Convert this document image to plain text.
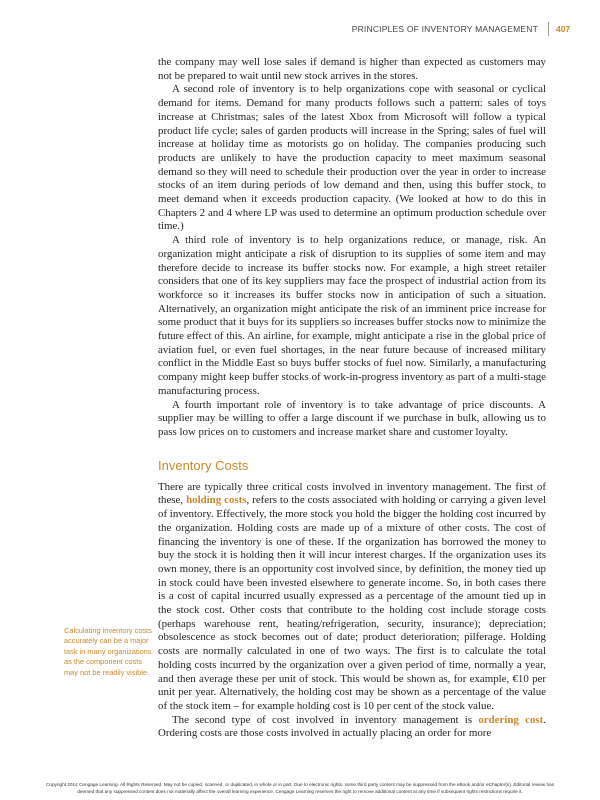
PRINCIPLES OF INVENTORY MANAGEMENT 407

the company may well lose sales if demand is higher than expected as customers may not be prepared to wait until new stock arrives in the stores.

A second role of inventory is to help organizations cope with seasonal or cyclical demand for items. Demand for many products follows such a pattern: sales of toys increase at Christmas; sales of the latest Xbox from Microsoft will follow a typical product life cycle; sales of garden products will increase in the Spring; sales of fuel will increase at holiday time as motorists go on holiday. The companies producing such products are unlikely to have the production capacity to meet maximum seasonal demand so they will need to schedule their production over the year in order to increase stocks of an item during periods of low demand and then, using this buffer stock, to meet demand when it exceeds production capacity. (We looked at how to do this in Chapters 2 and 4 where LP was used to determine an optimum production schedule over time.)

A third role of inventory is to help organizations reduce, or manage, risk. An organization might anticipate a risk of disruption to its supplies of some item and may therefore decide to increase its buffer stocks now. For example, a high street retailer considers that one of its key suppliers may face the prospect of industrial action from its workforce so it increases its buffer stocks now in anticipation of such a situation. Alternatively, an organization might anticipate the risk of an imminent price increase for some product that it buys for its suppliers so increases buffer stocks now to minimize the future effect of this. An airline, for example, might anticipate a rise in the global price of aviation fuel, or even fuel shortages, in the near future because of increased military conflict in the Middle East so buys buffer stocks of fuel now. Similarly, a manufacturing company might keep buffer stocks of work-in-progress inventory as part of a multi-stage manufacturing process.

A fourth important role of inventory is to take advantage of price discounts. A supplier may be willing to offer a large discount if we purchase in bulk, allowing us to pass low prices on to customers and increase market share and customer loyalty.

Inventory Costs

There are typically three critical costs involved in inventory management. The first of these, holding costs, refers to the costs associated with holding or carrying a given level of inventory. Effectively, the more stock you hold the bigger the holding cost incurred by the organization. Holding costs are made up of a mixture of other costs. The cost of financing the inventory is one of these. If the organization has borrowed the money to buy the stock it is holding then it will incur interest charges. If the organization uses its own money, there is an opportunity cost involved since, by definition, the money tied up in stock could have been invested elsewhere to generate income. So, in both cases there is a cost of capital incurred usually expressed as a percentage of the amount tied up in the stock cost. Other costs that contribute to the holding cost include storage costs (perhaps warehouse rent, heating/refrigeration, security, insurance); depreciation; obsolescence as stock becomes out of date; product deterioration; pilferage. Holding costs are normally calculated in one of two ways. The first is to calculate the total holding costs incurred by the organization over a given period of time, normally a year, and then average these per unit of stock. This would be shown as, for example, €10 per unit per year. Alternatively, the holding cost may be shown as a percentage of the value of the stock item – for example holding cost is 10 per cent of the stock value.

The second type of cost involved in inventory management is ordering cost. Ordering costs are those costs involved in actually placing an order for more

Calculating inventory costs accurately can be a major task in many organizations as the component costs may not be readily visible.
Copyright 2014 Cengage Learning. All Rights Reserved. May not be copied, scanned, or duplicated, in whole or in part. Due to electronic rights, some third party content may be suppressed from the eBook and/or eChapter(s). Editorial review has
deemed that any suppressed content does not materially affect the overall learning experience. Cengage Learning reserves the right to remove additional content at any time if subsequent rights restrictions require it.
